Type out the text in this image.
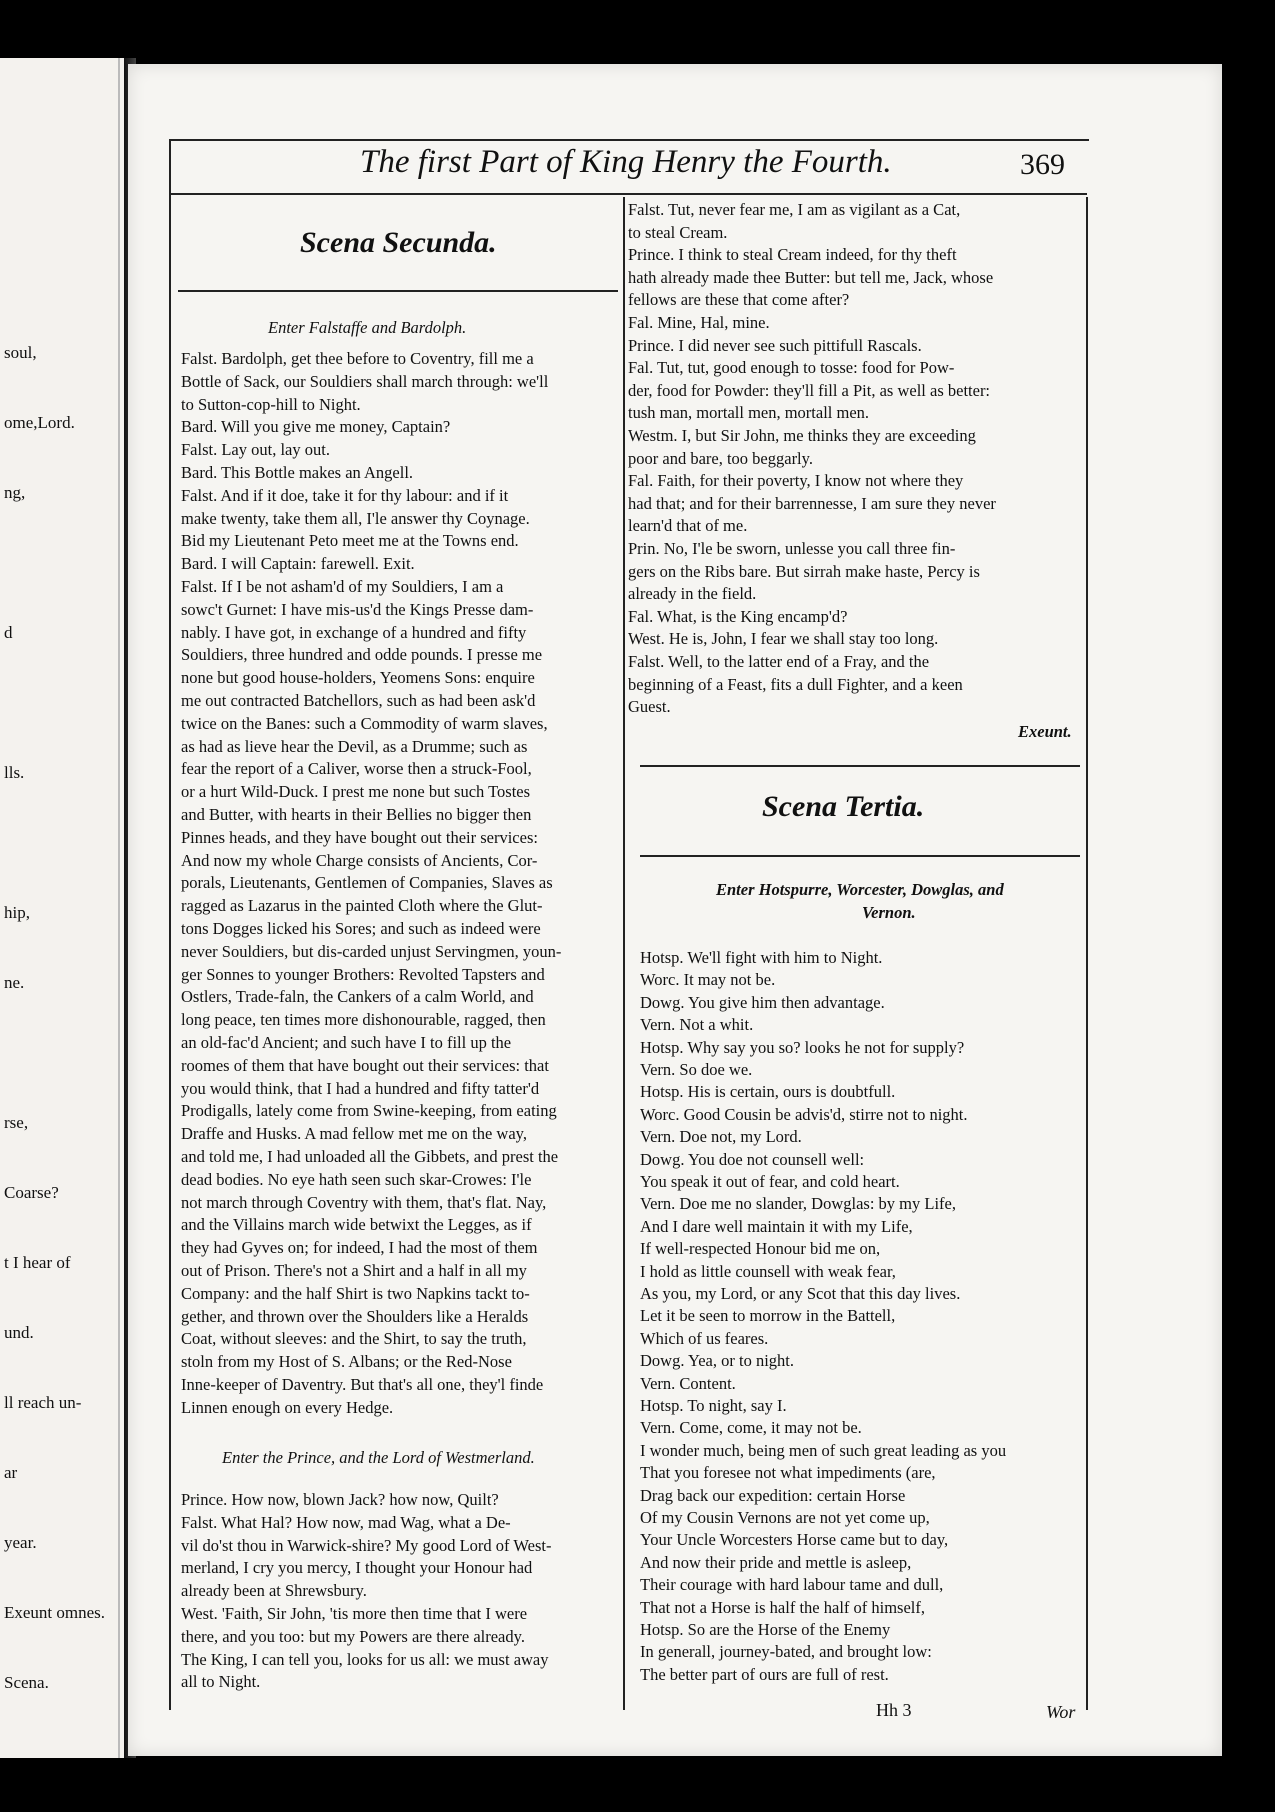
soul,
ome,Lord.
ng,
d
lls.
hip,
ne.
rse,
Coarse?
t I hear of
und.
ll reach un-
ar
year.
Exeunt omnes.
Scena.
The first Part of King Henry the Fourth.	369
Scena Secunda.
Enter Falstaffe and Bardolph.
Falst. Bardolph, get thee before to Coventry, fill me a
Bottle of Sack, our Souldiers shall march through: we'll
to Sutton-cop-hill to Night.
Bard. Will you give me money, Captain?
Falst. Lay out, lay out.
Bard. This Bottle makes an Angell.
Falst. And if it doe, take it for thy labour: and if it
make twenty, take them all, I'le answer thy Coynage.
Bid my Lieutenant Peto meet me at the Towns end.
Bard. I will Captain: farewell. Exit.
Falst. If I be not asham'd of my Souldiers, I am a
sowc't Gurnet: I have mis-us'd the Kings Presse dam-
nably. I have got, in exchange of a hundred and fifty
Souldiers, three hundred and odde pounds. I presse me
none but good house-holders, Yeomens Sons: enquire
me out contracted Batchellors, such as had been ask'd
twice on the Banes: such a Commodity of warm slaves,
as had as lieve hear the Devil, as a Drumme; such as
fear the report of a Caliver, worse then a struck-Fool,
or a hurt Wild-Duck. I prest me none but such Tostes
and Butter, with hearts in their Bellies no bigger then
Pinnes heads, and they have bought out their services:
And now my whole Charge consists of Ancients, Cor-
porals, Lieutenants, Gentlemen of Companies, Slaves as
ragged as Lazarus in the painted Cloth where the Glut-
tons Dogges licked his Sores; and such as indeed were
never Souldiers, but dis-carded unjust Servingmen, youn-
ger Sonnes to younger Brothers: Revolted Tapsters and
Ostlers, Trade-faln, the Cankers of a calm World, and
long peace, ten times more dishonourable, ragged, then
an old-fac'd Ancient; and such have I to fill up the
roomes of them that have bought out their services: that
you would think, that I had a hundred and fifty tatter'd
Prodigalls, lately come from Swine-keeping, from eating
Draffe and Husks. A mad fellow met me on the way,
and told me, I had unloaded all the Gibbets, and prest the
dead bodies. No eye hath seen such skar-Crowes: I'le
not march through Coventry with them, that's flat. Nay,
and the Villains march wide betwixt the Legges, as if
they had Gyves on; for indeed, I had the most of them
out of Prison. There's not a Shirt and a half in all my
Company: and the half Shirt is two Napkins tackt to-
gether, and thrown over the Shoulders like a Heralds
Coat, without sleeves: and the Shirt, to say the truth,
stoln from my Host of S. Albans; or the Red-Nose
Inne-keeper of Daventry. But that's all one, they'l finde
Linnen enough on every Hedge.
Enter the Prince, and the Lord of Westmerland.
Prince. How now, blown Jack? how now, Quilt?
Falst. What Hal? How now, mad Wag, what a De-
vil do'st thou in Warwick-shire? My good Lord of West-
merland, I cry you mercy, I thought your Honour had
already been at Shrewsbury.
West. 'Faith, Sir John, 'tis more then time that I were
there, and you too: but my Powers are there already.
The King, I can tell you, looks for us all: we must away
all to Night.
Falst. Tut, never fear me, I am as vigilant as a Cat,
to steal Cream.
Prince. I think to steal Cream indeed, for thy theft
hath already made thee Butter: but tell me, Jack, whose
fellows are these that come after?
Fal. Mine, Hal, mine.
Prince. I did never see such pittifull Rascals.
Fal. Tut, tut, good enough to tosse: food for Pow-
der, food for Powder: they'll fill a Pit, as well as better:
tush man, mortall men, mortall men.
Westm. I, but Sir John, me thinks they are exceeding
poor and bare, too beggarly.
Fal. Faith, for their poverty, I know not where they
had that; and for their barrennesse, I am sure they never
learn'd that of me.
Prin. No, I'le be sworn, unlesse you call three fin-
gers on the Ribs bare. But sirrah make haste, Percy is
already in the field.
Fal. What, is the King encamp'd?
West. He is, John, I fear we shall stay too long.
Falst. Well, to the latter end of a Fray, and the
beginning of a Feast, fits a dull Fighter, and a keen
Guest.
Exeunt.
Scena Tertia.
Enter Hotspurre, Worcester, Dowglas, and
Vernon.
Hotsp. We'll fight with him to Night.
Worc. It may not be.
Dowg. You give him then advantage.
Vern. Not a whit.
Hotsp. Why say you so? looks he not for supply?
Vern. So doe we.
Hotsp. His is certain, ours is doubtfull.
Worc. Good Cousin be advis'd, stirre not to night.
Vern. Doe not, my Lord.
Dowg. You doe not counsell well:
You speak it out of fear, and cold heart.
Vern. Doe me no slander, Dowglas: by my Life,
And I dare well maintain it with my Life,
If well-respected Honour bid me on,
I hold as little counsell with weak fear,
As you, my Lord, or any Scot that this day lives.
Let it be seen to morrow in the Battell,
Which of us feares.
Dowg. Yea, or to night.
Vern. Content.
Hotsp. To night, say I.
Vern. Come, come, it may not be.
I wonder much, being men of such great leading as you
That you foresee not what impediments (are,
Drag back our expedition: certain Horse
Of my Cousin Vernons are not yet come up,
Your Uncle Worcesters Horse came but to day,
And now their pride and mettle is asleep,
Their courage with hard labour tame and dull,
That not a Horse is half the half of himself,
Hotsp. So are the Horse of the Enemy
In generall, journey-bated, and brought low:
The better part of ours are full of rest.
Hh 3	Wor
